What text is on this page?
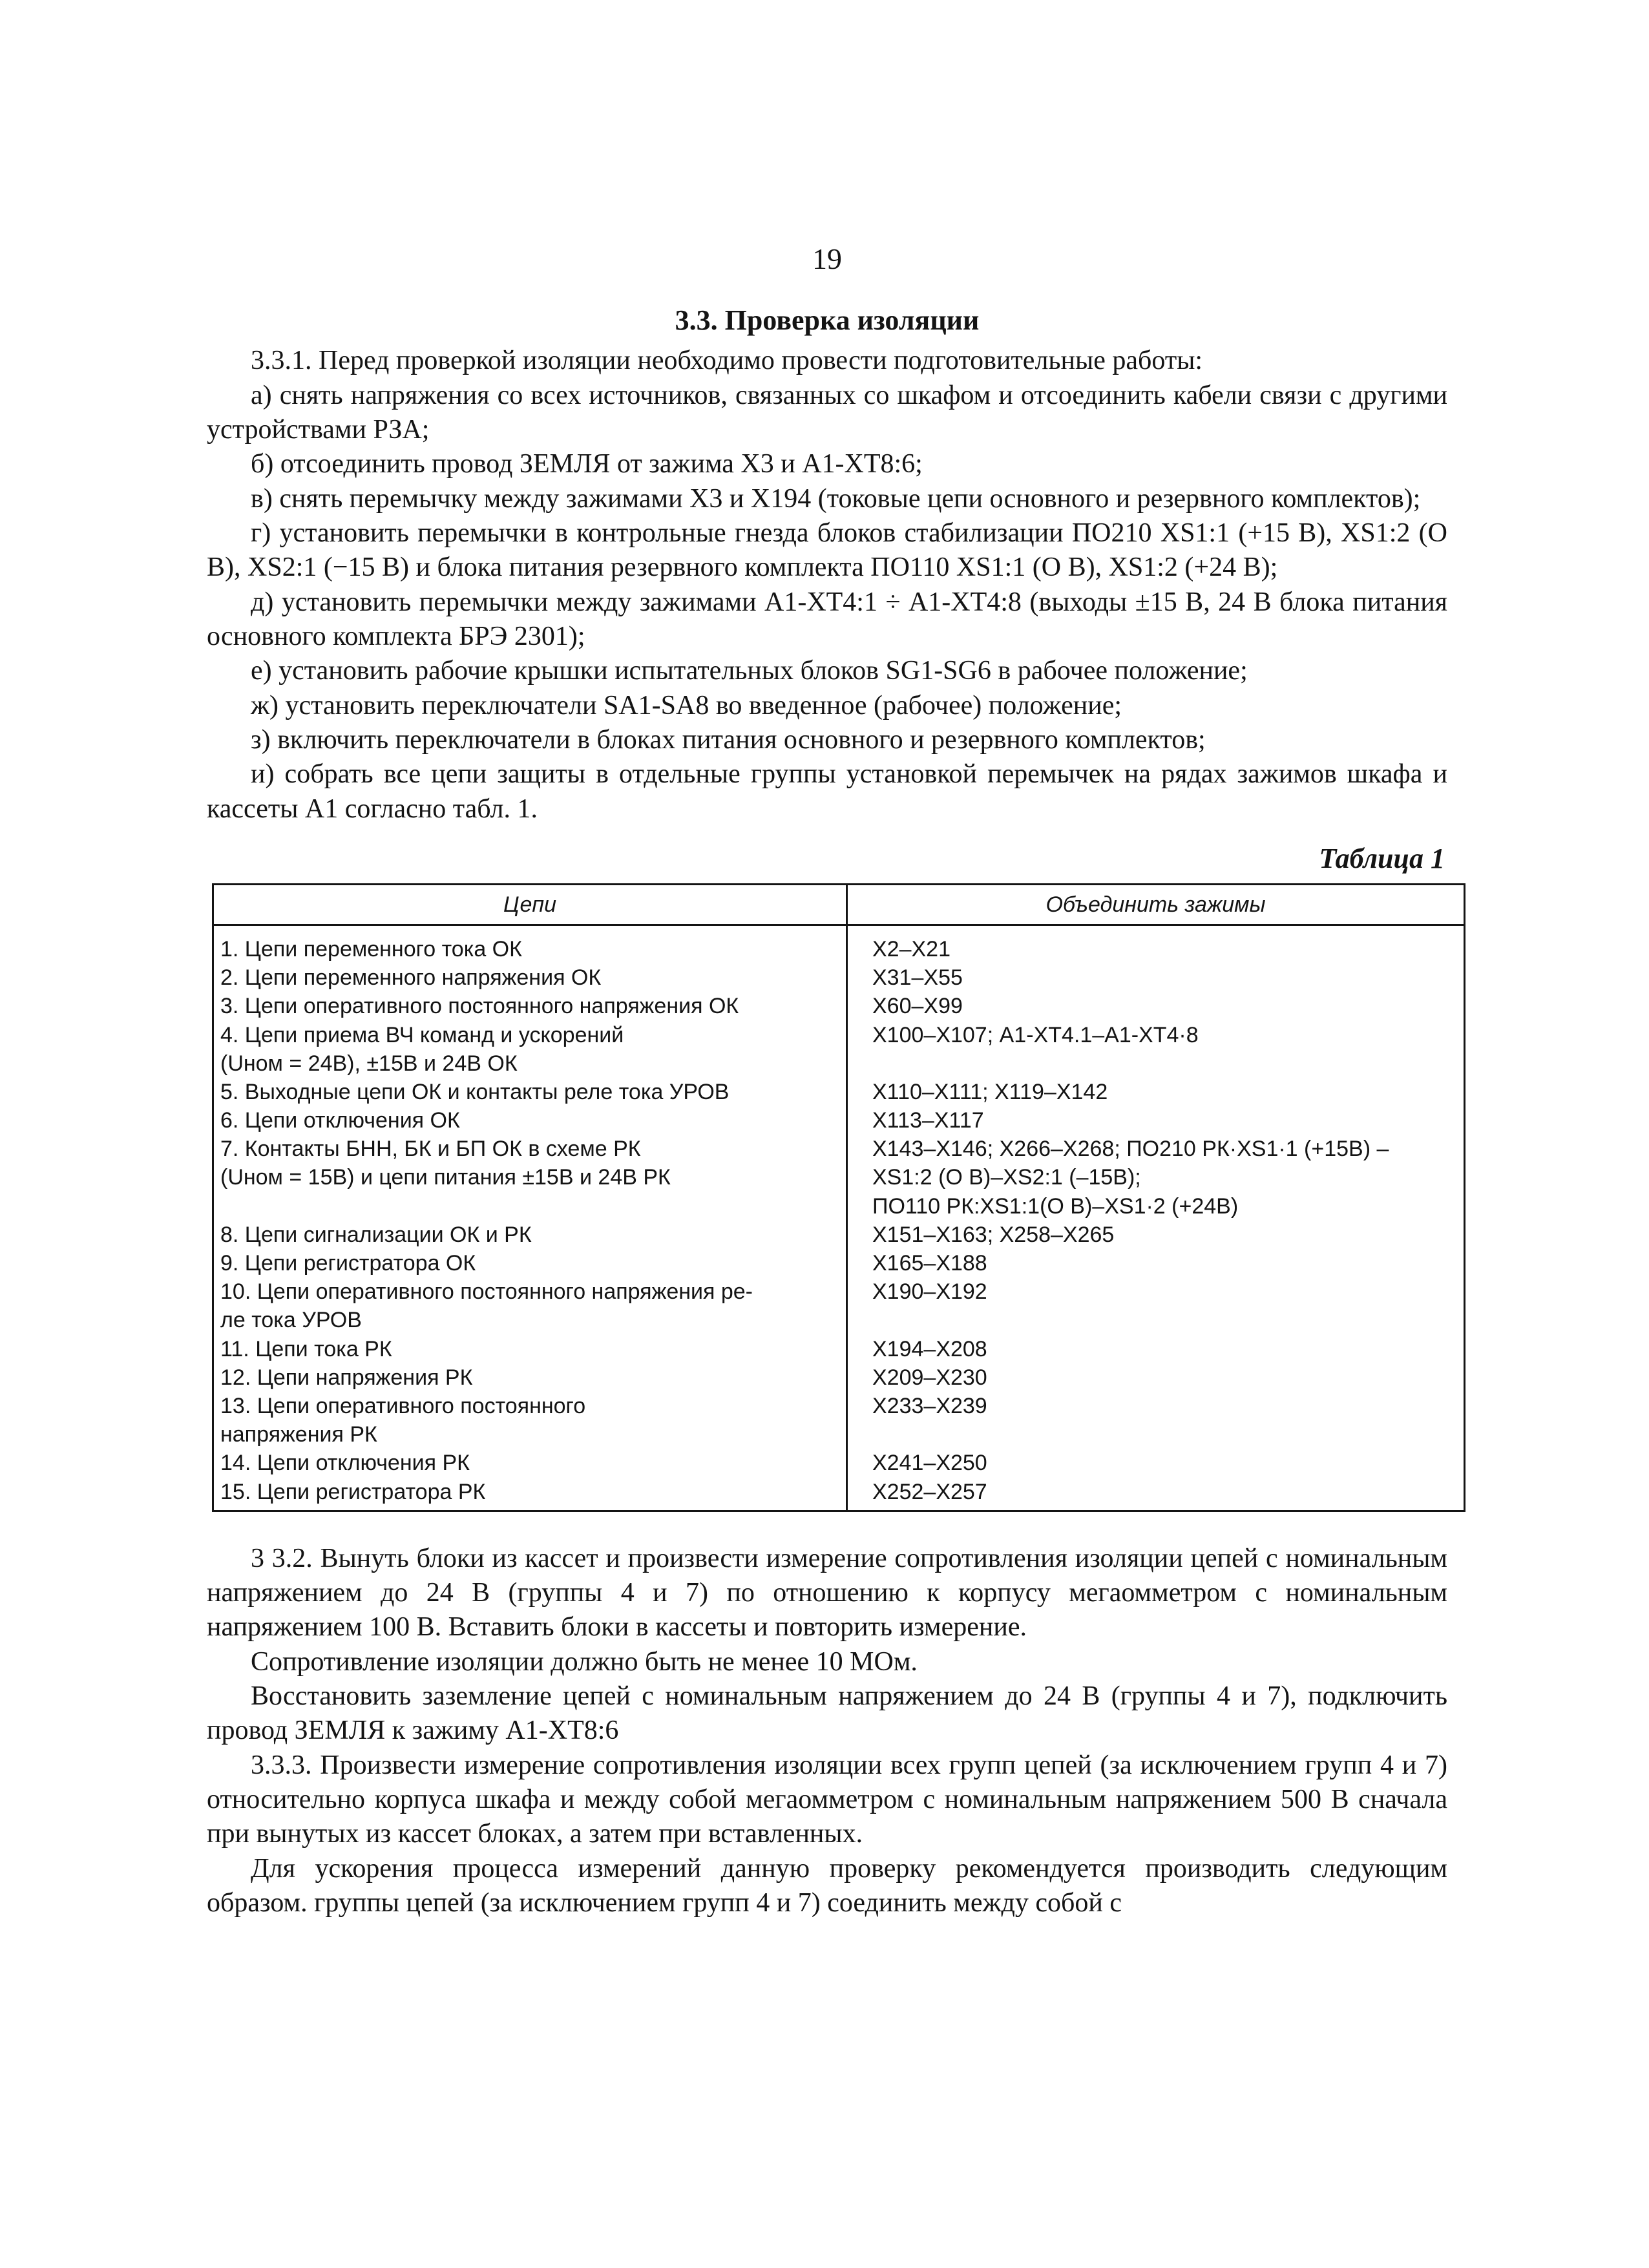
19
3.3. Проверка изоляции

3.3.1. Перед проверкой изоляции необходимо провести подготовительные работы:

а) снять напряжения со всех источников, связанных со шкафом и отсоединить кабели связи с другими устройствами РЗА;

б) отсоединить провод ЗЕМЛЯ от зажима Х3 и А1-ХТ8:6;

в) снять перемычку между зажимами Х3 и Х194 (токовые цепи основного и резервного комплектов);

г) установить перемычки в контрольные гнезда блоков стабилизации ПО210 XS1:1 (+15 В), XS1:2 (О В), XS2:1 (−15 В) и блока питания резервного комплекта ПО110 XS1:1 (О В), XS1:2 (+24 В);

д) установить перемычки между зажимами А1-ХТ4:1 ÷ А1-ХТ4:8 (выходы ±15 В, 24 В блока питания основного комплекта БРЭ 2301);

е) установить рабочие крышки испытательных блоков SG1-SG6 в рабочее положение;

ж) установить переключатели SA1-SA8 во введенное (рабочее) положение;

з) включить переключатели в блоках питания основного и резервного комплектов;

и) собрать все цепи защиты в отдельные группы установкой перемычек на рядах зажимов шкафа и кассеты А1 согласно табл. 1.

Таблица 1
Цепи	Объединить зажимы

1. Цепи переменного тока ОК	Х2–Х21

2. Цепи переменного напряжения ОК	Х31–Х55

3. Цепи оперативного постоянного напряжения ОК	Х60–Х99

4. Цепи приема ВЧ команд и ускорений
(Uном = 24В), ±15В и 24В ОК	Х100–Х107; А1-ХТ4.1–А1-ХТ4·8

5. Выходные цепи ОК и контакты реле тока УРОВ	Х110–Х111; Х119–Х142

6. Цепи отключения ОК	Х113–Х117

7. Контакты БНН, БК и БП ОК в схеме РК
(Uном = 15В) и цепи питания ±15В и 24В РК	Х143–Х146; Х266–Х268; ПО210 РК·XS1·1 (+15В) –
XS1:2 (О В)–XS2:1 (–15В);
ПО110 РК:XS1:1(О В)–XS1·2 (+24В)

8. Цепи сигнализации ОК и РК	Х151–Х163; Х258–Х265

9. Цепи регистратора ОК	Х165–Х188

10. Цепи оперативного постоянного напряжения ре-
ле тока УРОВ	Х190–Х192

11. Цепи тока РК	Х194–Х208

12. Цепи напряжения РК	Х209–Х230

13. Цепи оперативного постоянного
напряжения РК	Х233–Х239

14. Цепи отключения РК	Х241–Х250

15. Цепи регистратора РК	Х252–Х257

3 3.2. Вынуть блоки из кассет и произвести измерение сопротивления изоляции цепей с номинальным напряжением до 24 В (группы 4 и 7) по отношению к корпусу мегаомметром с номинальным напряжением 100 В. Вставить блоки в кассеты и повторить измерение.

Сопротивление изоляции должно быть не менее 10 МОм.

Восстановить заземление цепей с номинальным напряжением до 24 В (группы 4 и 7), подключить провод ЗЕМЛЯ к зажиму А1-ХТ8:6

3.3.3. Произвести измерение сопротивления изоляции всех групп цепей (за исключением групп 4 и 7) относительно корпуса шкафа и между собой мегаомметром с номинальным напряжением 500 В сначала при вынутых из кассет блоках, а затем при вставленных.

Для ускорения процесса измерений данную проверку рекомендуется производить следующим образом. группы цепей (за исключением групп 4 и 7) соединить между собой с
